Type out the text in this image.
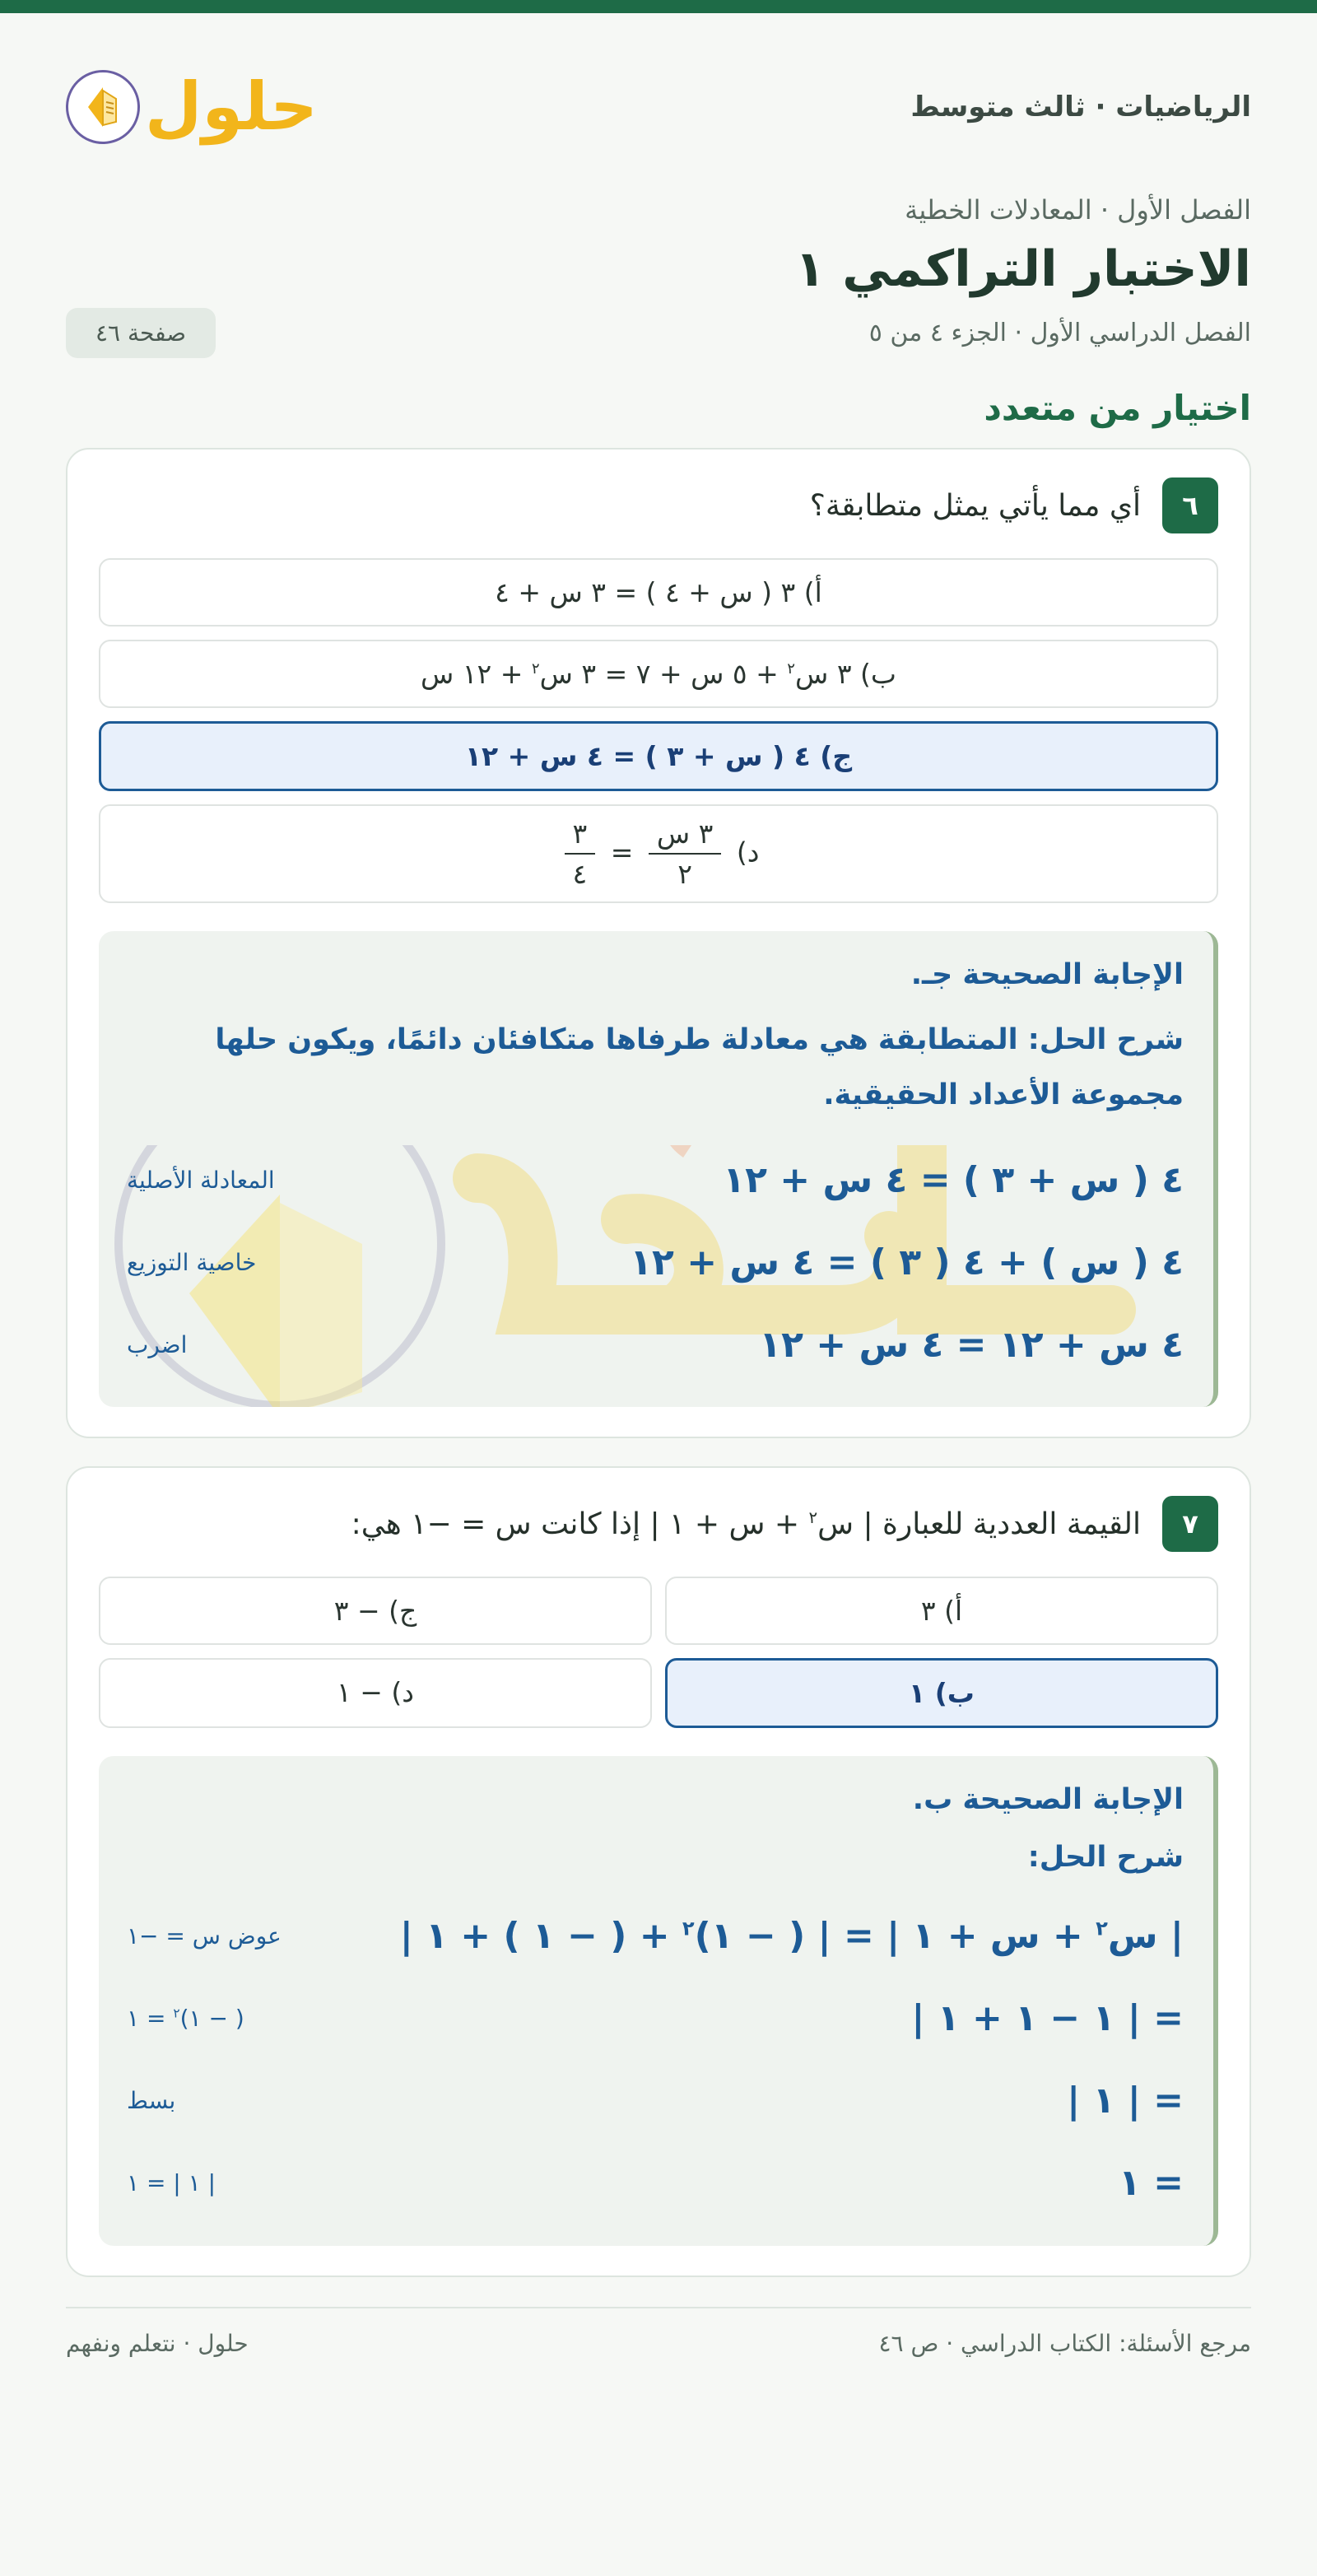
الرياضيات · ثالث متوسط
حلول
الفصل الأول · المعادلات الخطية
الاختبار التراكمي ١
الفصل الدراسي الأول · الجزء ٤ من ٥
صفحة ٤٦
اختيار من متعدد
٦
أي مما يأتي يمثل متطابقة؟
أ) ٣ ( س + ٤ ) = ٣ س + ٤
ب) ٣ س$^٢$ + ٥ س + ٧ = ٣ س$^٢$ + ١٢ س
ج) ٤ ( س + ٣ ) = ٤ س + ١٢
د)
$\frac{\text{٣ س}}{٢}$
=
$\frac{٣}{٤}$
الإجابة الصحيحة جـ.
شرح الحل: المتطابقة هي معادلة طرفاها متكافئان دائمًا، ويكون حلها مجموعة الأعداد الحقيقية.
٤ ( س + ٣ ) = ٤ س + ١٢
المعادلة الأصلية
٤ ( س ) + ٤ ( ٣ ) = ٤ س + ١٢
خاصية التوزيع
٤ س + ١٢ = ٤ س + ١٢
اضرب
٧
القيمة العددية للعبارة | س$^٢$ + س + ١ | إذا كانت س = −١ هي:
أ) ٣
ج) − ٣
ب) ١
د) − ١
الإجابة الصحيحة ب.
شرح الحل:
| س$^٢$ + س + ١ | = | ( − ١)$^٢$ + ( − ١ ) + ١ |
عوض س = −١
= | ١ − ١ + ١ |
( − ١)$^٢$ = ١
= | ١ |
بسط
= ١
| ١ | = ١
مرجع الأسئلة: الكتاب الدراسي · ص ٤٦
حلول · نتعلم ونفهم
